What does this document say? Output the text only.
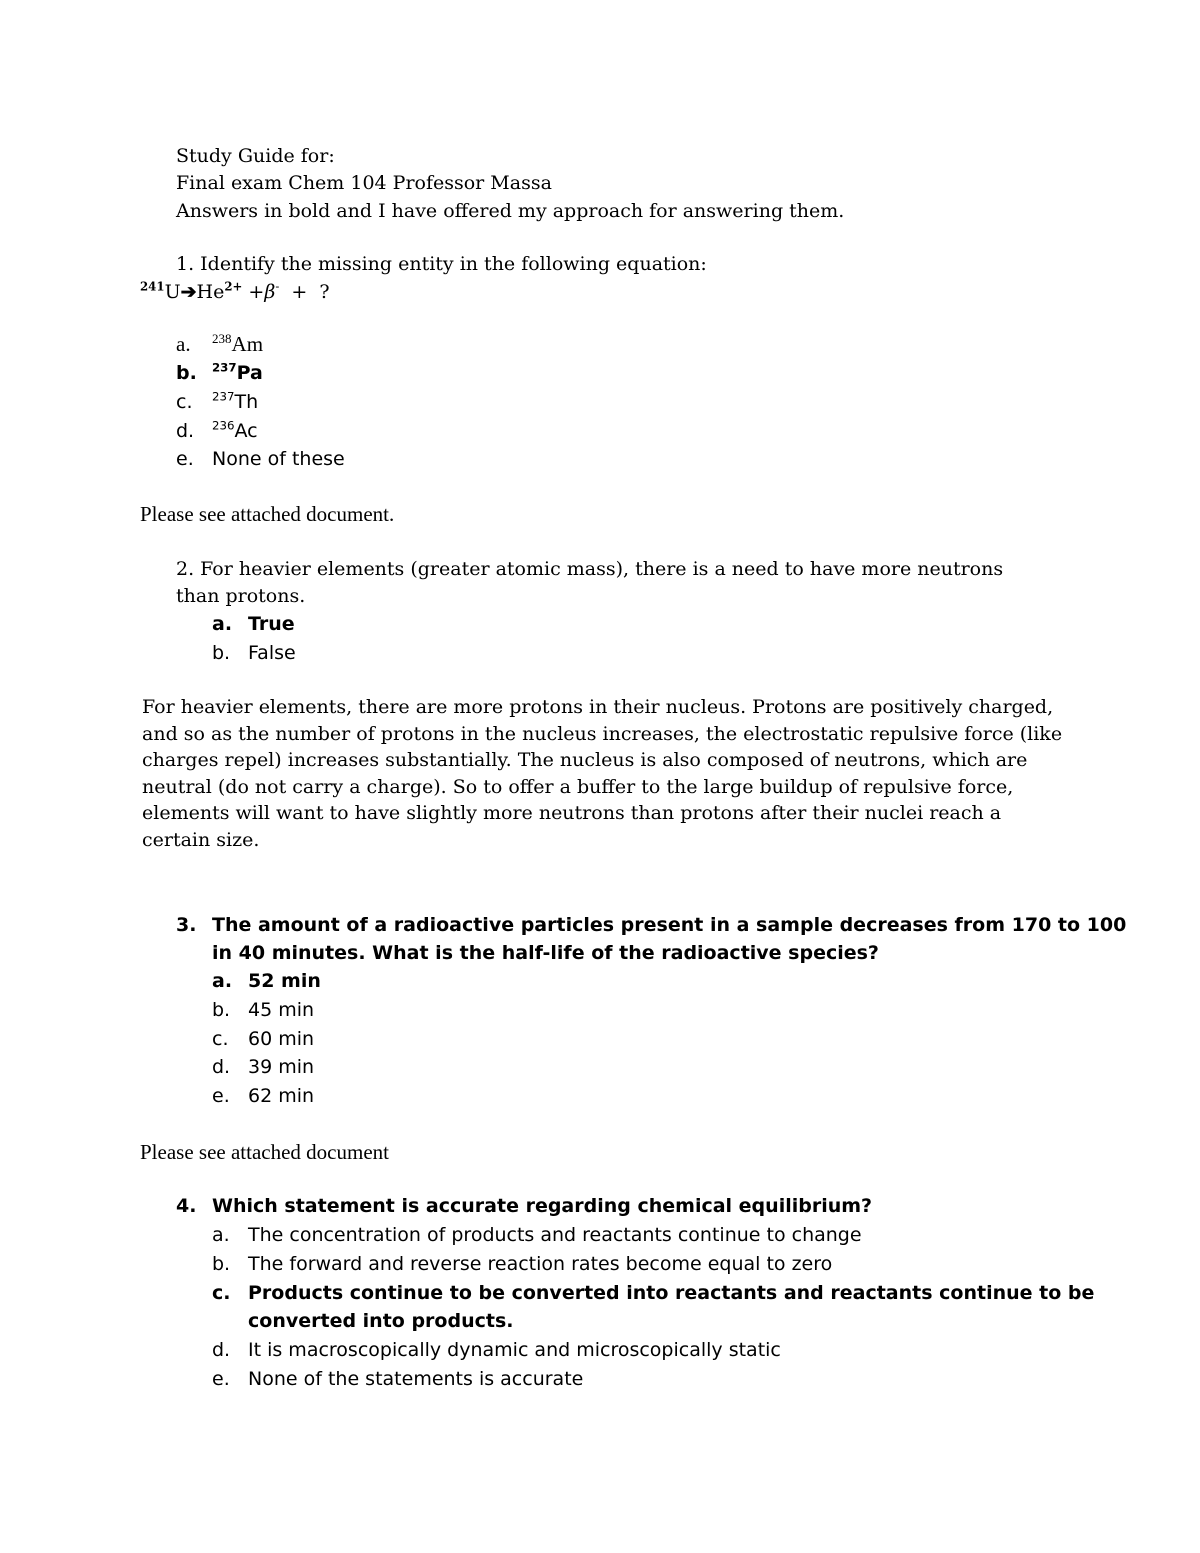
Study Guide for:
Final exam Chem 104 Professor Massa
Answers in bold and I have offered my approach for answering them.
1. Identify the missing entity in the following equation:
$^{241}U➔He^{2+} +\beta^-$  +  ?
a. $^{238}$Am
b. $^{237}$Pa
c. $^{237}$Th
d. $^{236}$Ac
e. None of these
Please see attached document.
2. For heavier elements (greater atomic mass), there is a need to have more neutrons
than protons.
a. True
b. False
For heavier elements, there are more protons in their nucleus. Protons are positively charged, and so as the number of protons in the nucleus increases, the electrostatic repulsive force (like charges repel) increases substantially. The nucleus is also composed of neutrons, which are neutral (do not carry a charge). So to offer a buffer to the large buildup of repulsive force, elements will want to have slightly more neutrons than protons after their nuclei reach a certain size.
3. The amount of a radioactive particles present in a sample decreases from 170 to 100
in 40 minutes. What is the half-life of the radioactive species?
a. 52 min
b. 45 min
c. 60 min
d. 39 min
e. 62 min
Please see attached document
4. Which statement is accurate regarding chemical equilibrium?
a. The concentration of products and reactants continue to change
b. The forward and reverse reaction rates become equal to zero
c. Products continue to be converted into reactants and reactants continue to be
converted into products.
d. It is macroscopically dynamic and microscopically static
e. None of the statements is accurate
